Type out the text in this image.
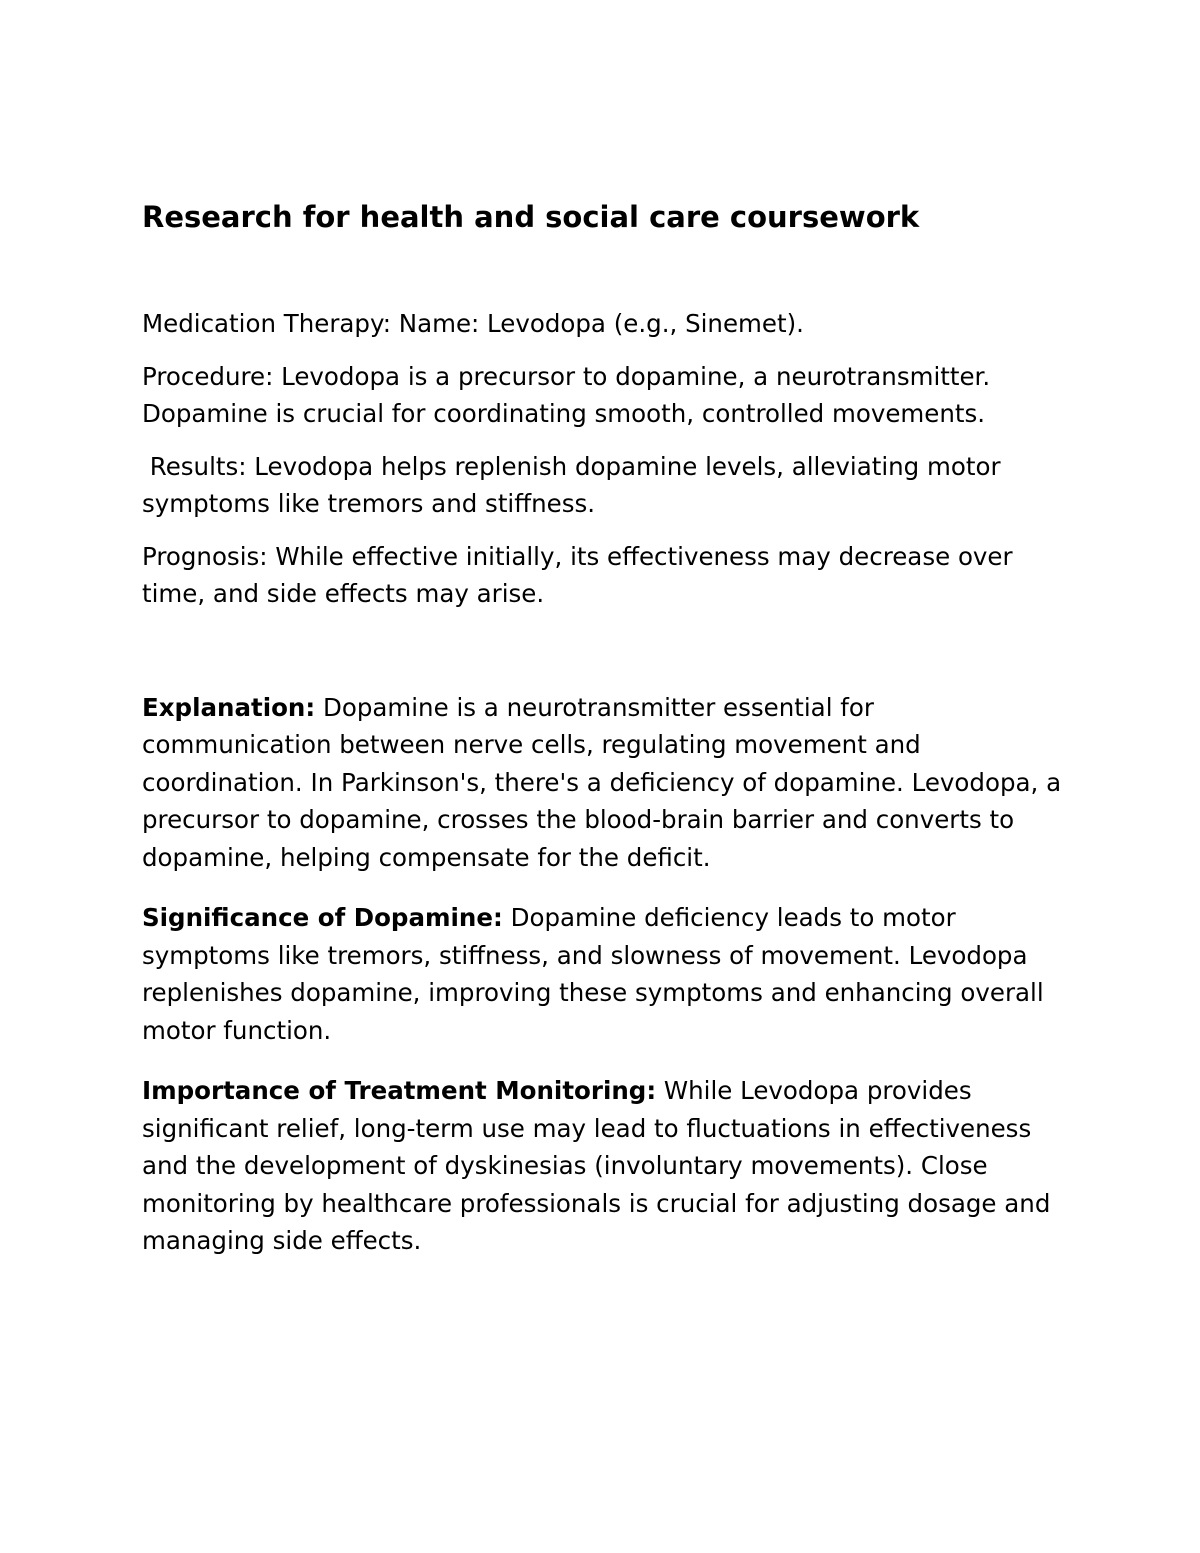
Research for health and social care coursework

Medication Therapy: Name: Levodopa (e.g., Sinemet).

Procedure: Levodopa is a precursor to dopamine, a neurotransmitter. Dopamine is crucial for coordinating smooth, controlled movements.

Results: Levodopa helps replenish dopamine levels, alleviating motor symptoms like tremors and stiffness.

Prognosis: While effective initially, its effectiveness may decrease over time, and side effects may arise.

Explanation: Dopamine is a neurotransmitter essential for communication between nerve cells, regulating movement and coordination. In Parkinson's, there's a deficiency of dopamine. Levodopa, a precursor to dopamine, crosses the blood-brain barrier and converts to dopamine, helping compensate for the deficit.

Significance of Dopamine: Dopamine deficiency leads to motor symptoms like tremors, stiffness, and slowness of movement. Levodopa replenishes dopamine, improving these symptoms and enhancing overall motor function.

Importance of Treatment Monitoring: While Levodopa provides significant relief, long-term use may lead to fluctuations in effectiveness and the development of dyskinesias (involuntary movements). Close monitoring by healthcare professionals is crucial for adjusting dosage and managing side effects.
